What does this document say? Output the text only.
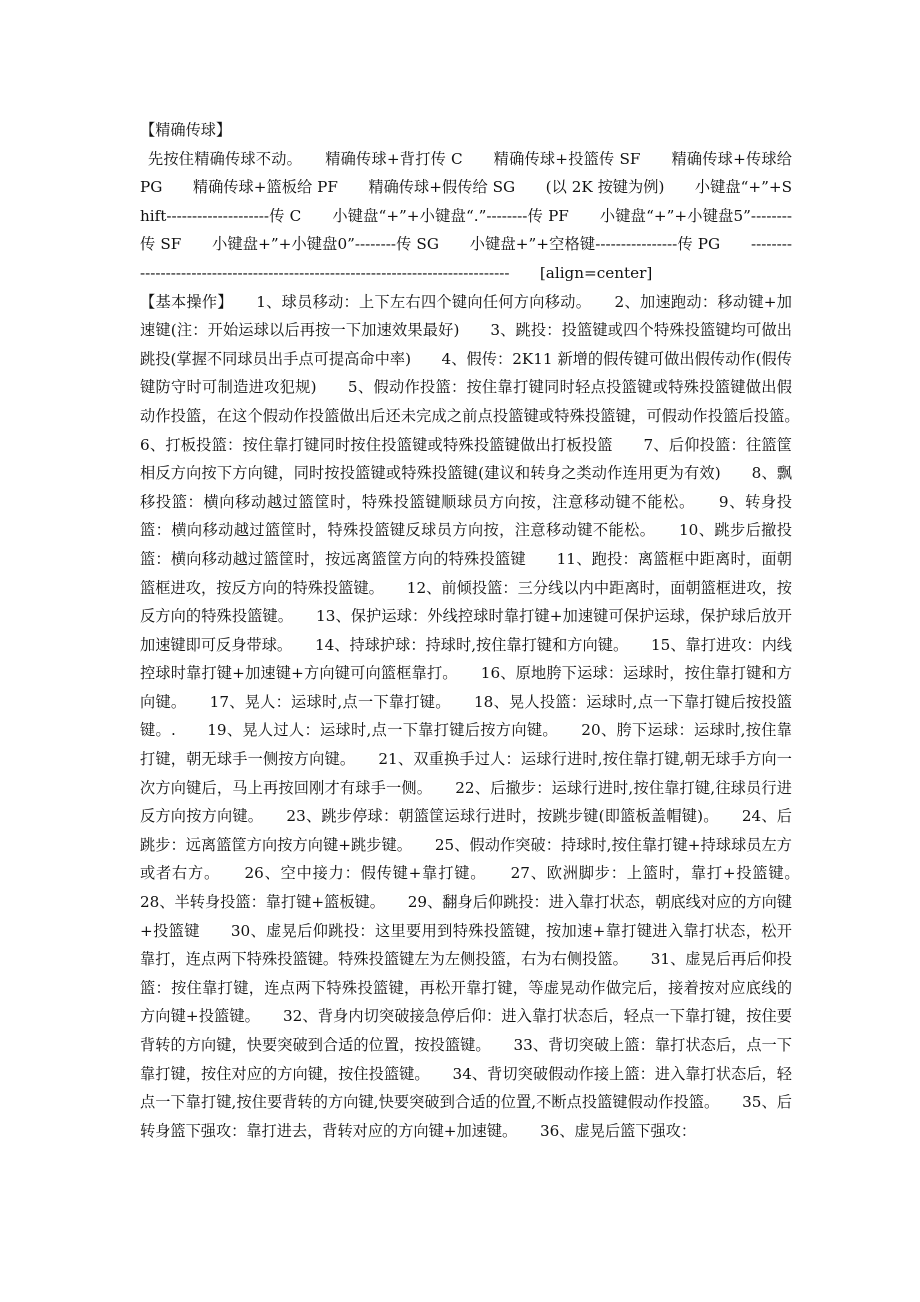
【精确传球】

先按住精确传球不动。　　精确传球+背打传 C　　精确传球+投篮传 SF　　精确传球+传球给 PG　　精确传球+篮板给 PF　　精确传球+假传给 SG　　(以 2K 按键为例)　　小键盘“+”+Shift--------------------传 C　　小键盘“+”+小键盘“.”--------传 PF　　小键盘“+”+小键盘5”--------传 SF　　小键盘+”+小键盘0”--------传 SG　　小键盘+”+空格键----------------传 PG　　--------------------------------------------------------------------------------　　[align=center]

【基本操作】　　1、球员移动：上下左右四个键向任何方向移动。　　2、加速跑动：移动键+加速键(注：开始运球以后再按一下加速效果最好)　　3、跳投：投篮键或四个特殊投篮键均可做出跳投(掌握不同球员出手点可提高命中率)　　4、假传：2K11 新增的假传键可做出假传动作(假传键防守时可制造进攻犯规)　　5、假动作投篮：按住靠打键同时轻点投篮键或特殊投篮键做出假动作投篮，在这个假动作投篮做出后还未完成之前点投篮键或特殊投篮键，可假动作投篮后投篮。　　6、打板投篮：按住靠打键同时按住投篮键或特殊投篮键做出打板投篮　　7、后仰投篮：往篮筐相反方向按下方向键，同时按投篮键或特殊投篮键(建议和转身之类动作连用更为有效)　　8、飘移投篮：横向移动越过篮筐时，特殊投篮键顺球员方向按，注意移动键不能松。　　9、转身投篮：横向移动越过篮筐时，特殊投篮键反球员方向按，注意移动键不能松。　　10、跳步后撤投篮：横向移动越过篮筐时，按远离篮筐方向的特殊投篮键　　11、跑投：离篮框中距离时，面朝篮框进攻，按反方向的特殊投篮键。　　12、前倾投篮：三分线以内中距离时，面朝篮框进攻，按反方向的特殊投篮键。　　13、保护运球：外线控球时靠打键+加速键可保护运球，保护球后放开加速键即可反身带球。　　14、持球护球：持球时,按住靠打键和方向键。　　15、靠打进攻：内线控球时靠打键+加速键+方向键可向篮框靠打。　　16、原地胯下运球：运球时，按住靠打键和方向键。　　17、晃人：运球时,点一下靠打键。　　18、晃人投篮：运球时,点一下靠打键后按投篮键。.　　19、晃人过人：运球时,点一下靠打键后按方向键。　　20、胯下运球：运球时,按住靠打键，朝无球手一侧按方向键。　　21、双重换手过人：运球行进时,按住靠打键,朝无球手方向一次方向键后，马上再按回刚才有球手一侧。　　22、后撤步：运球行进时,按住靠打键,往球员行进反方向按方向键。　　23、跳步停球：朝篮筐运球行进时，按跳步键(即篮板盖帽键)。　　24、后跳步：远离篮筐方向按方向键+跳步键。　　25、假动作突破：持球时,按住靠打键+持球球员左方或者右方。　　26、空中接力：假传键+靠打键。　　27、欧洲脚步：上篮时，靠打+投篮键。　　28、半转身投篮：靠打键+篮板键。　　29、翻身后仰跳投：进入靠打状态，朝底线对应的方向键+投篮键　　30、虚晃后仰跳投：这里要用到特殊投篮键，按加速+靠打键进入靠打状态，松开靠打，连点两下特殊投篮键。特殊投篮键左为左侧投篮，右为右侧投篮。　　31、虚晃后再后仰投篮：按住靠打键，连点两下特殊投篮键，再松开靠打键，等虚晃动作做完后，接着按对应底线的方向键+投篮键。　　32、背身内切突破接急停后仰：进入靠打状态后，轻点一下靠打键，按住要背转的方向键，快要突破到合适的位置，按投篮键。　　33、背切突破上篮：靠打状态后，点一下靠打键，按住对应的方向键，按住投篮键。　　34、背切突破假动作接上篮：进入靠打状态后，轻点一下靠打键,按住要背转的方向键,快要突破到合适的位置,不断点投篮键假动作投篮。　　35、后转身篮下强攻：靠打进去，背转对应的方向键+加速键。　　36、虚晃后篮下强攻：
